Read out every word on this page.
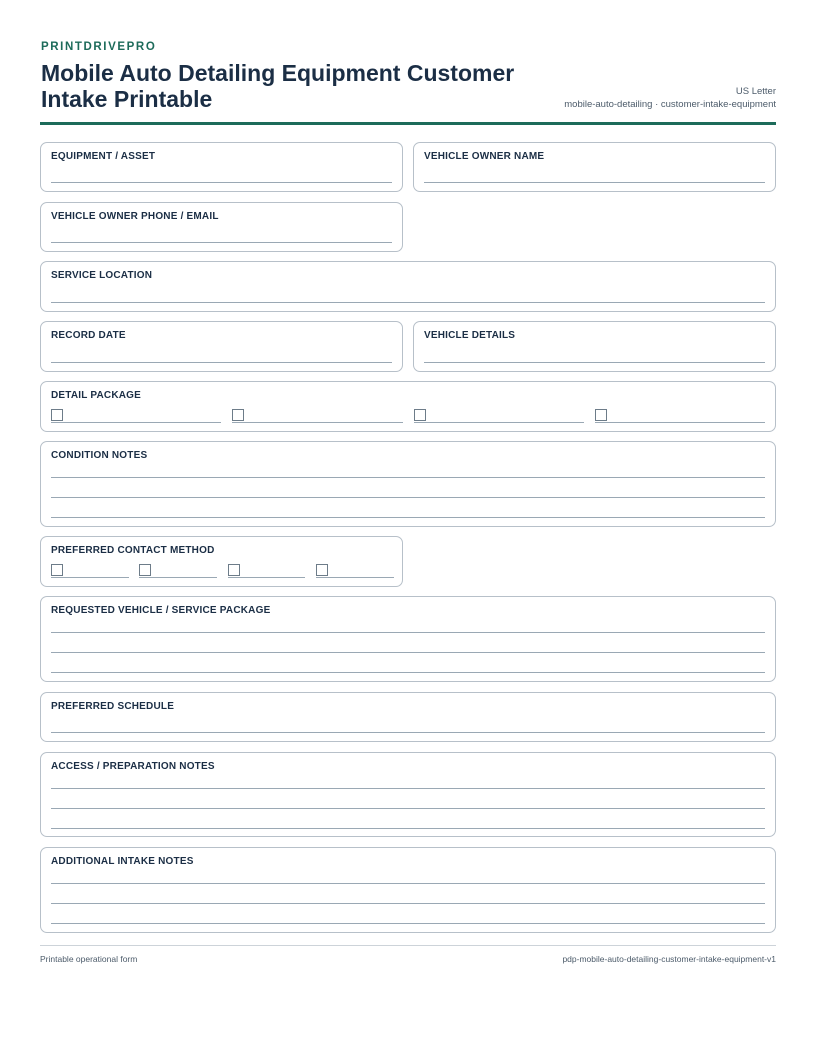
PRINTDRIVEPRO
Mobile Auto Detailing Equipment Customer Intake Printable	US Letter
mobile-auto-detailing · customer-intake-equipment
EQUIPMENT / ASSET	VEHICLE OWNER NAME
VEHICLE OWNER PHONE / EMAIL
SERVICE LOCATION
RECORD DATE	VEHICLE DETAILS
DETAIL PACKAGE
CONDITION NOTES
PREFERRED CONTACT METHOD
REQUESTED VEHICLE / SERVICE PACKAGE
PREFERRED SCHEDULE
ACCESS / PREPARATION NOTES
ADDITIONAL INTAKE NOTES
Printable operational form	pdp-mobile-auto-detailing-customer-intake-equipment-v1
